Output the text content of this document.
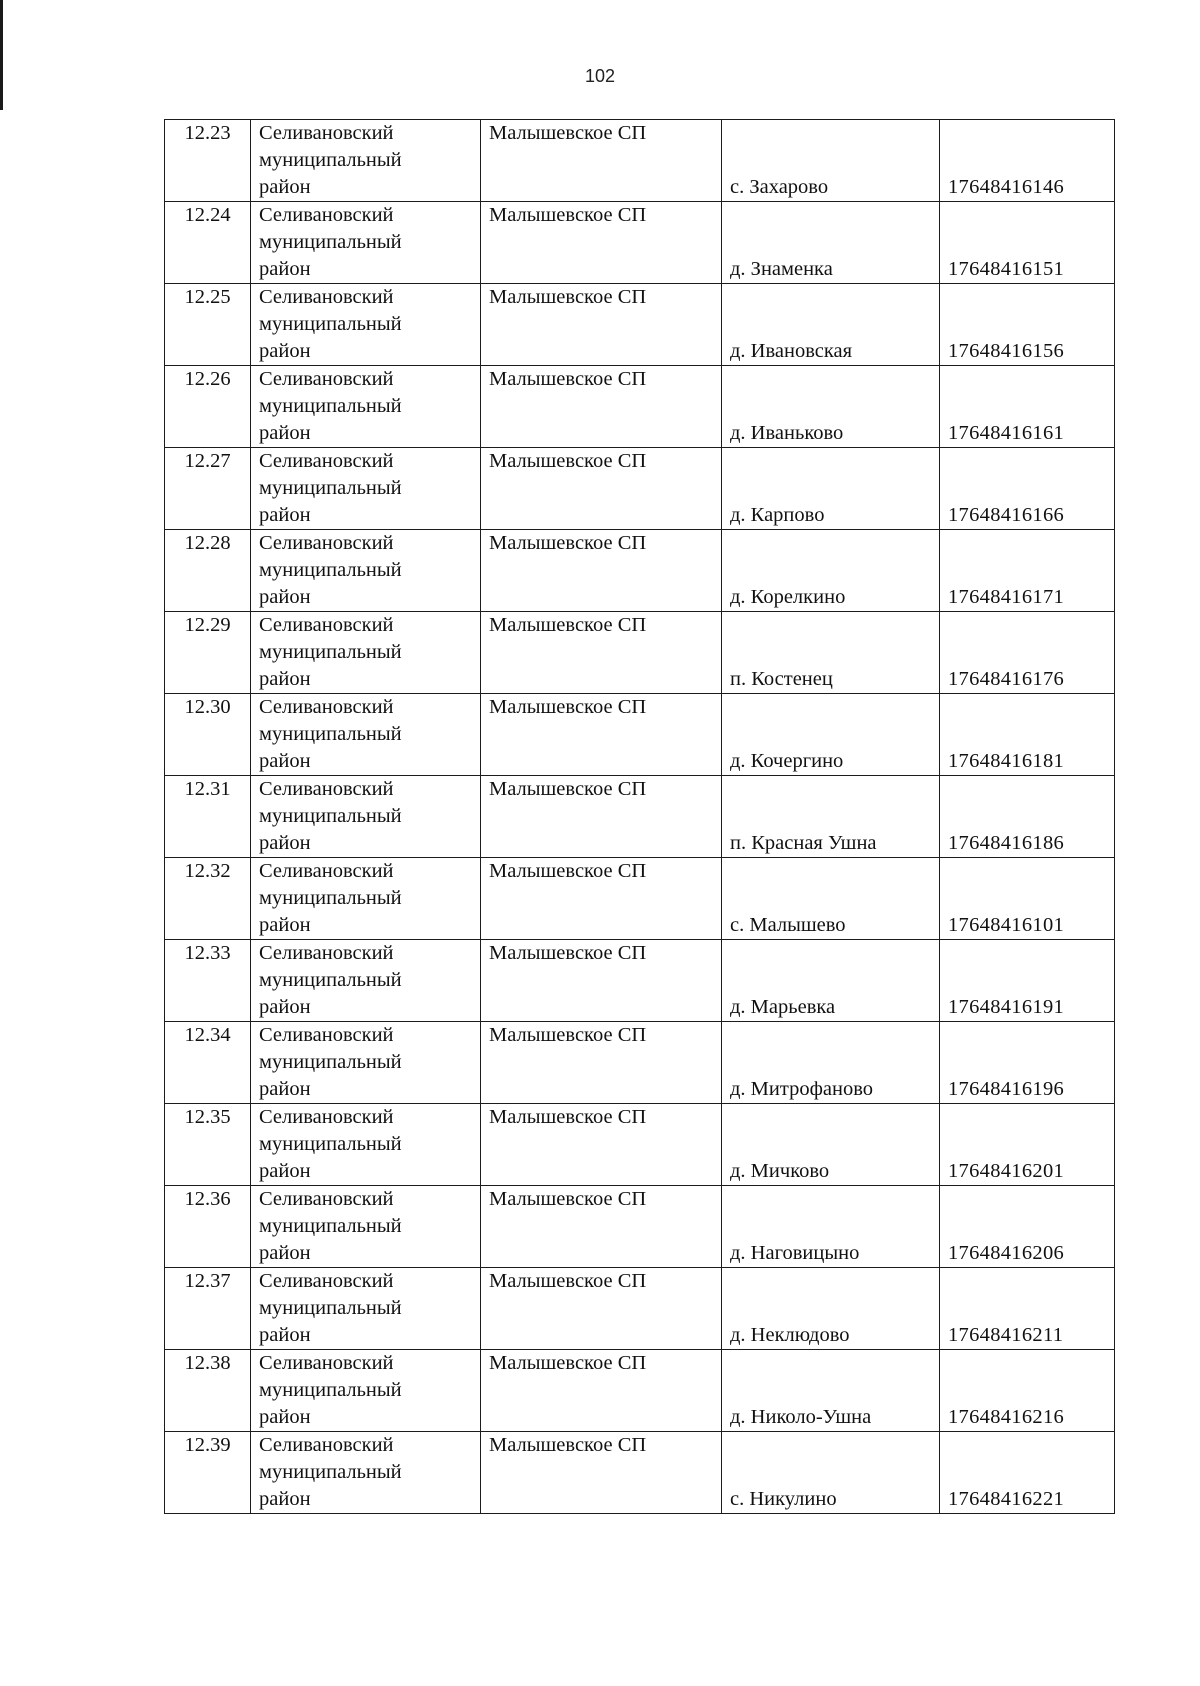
102
12.23	Селивановский
муниципальный
район	Малышевское СП	с. Захарово	17648416146
12.24	Селивановский
муниципальный
район	Малышевское СП	д. Знаменка	17648416151
12.25	Селивановский
муниципальный
район	Малышевское СП	д. Ивановская	17648416156
12.26	Селивановский
муниципальный
район	Малышевское СП	д. Иваньково	17648416161
12.27	Селивановский
муниципальный
район	Малышевское СП	д. Карпово	17648416166
12.28	Селивановский
муниципальный
район	Малышевское СП	д. Корелкино	17648416171
12.29	Селивановский
муниципальный
район	Малышевское СП	п. Костенец	17648416176
12.30	Селивановский
муниципальный
район	Малышевское СП	д. Кочергино	17648416181
12.31	Селивановский
муниципальный
район	Малышевское СП	п. Красная Ушна	17648416186
12.32	Селивановский
муниципальный
район	Малышевское СП	с. Малышево	17648416101
12.33	Селивановский
муниципальный
район	Малышевское СП	д. Марьевка	17648416191
12.34	Селивановский
муниципальный
район	Малышевское СП	д. Митрофаново	17648416196
12.35	Селивановский
муниципальный
район	Малышевское СП	д. Мичково	17648416201
12.36	Селивановский
муниципальный
район	Малышевское СП	д. Наговицыно	17648416206
12.37	Селивановский
муниципальный
район	Малышевское СП	д. Неклюдово	17648416211
12.38	Селивановский
муниципальный
район	Малышевское СП	д. Николо-Ушна	17648416216
12.39	Селивановский
муниципальный
район	Малышевское СП	с. Никулино	17648416221
